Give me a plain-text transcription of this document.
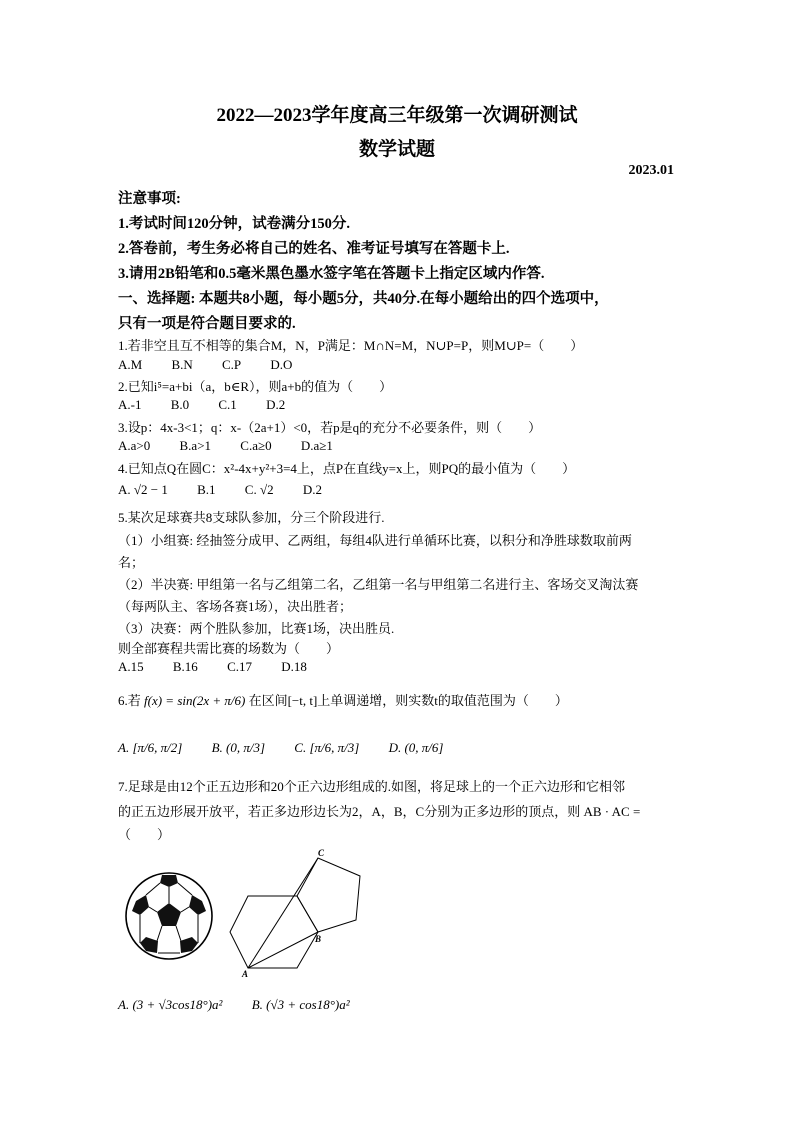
2022—2023学年度高三年级第一次调研测试
数学试题
2023.01
注意事项:
1.考试时间120分钟，试卷满分150分.
2.答卷前，考生务必将自己的姓名、准考证号填写在答题卡上.
3.请用2B铅笔和0.5毫米黑色墨水签字笔在答题卡上指定区域内作答.
一、选择题: 本题共8小题，每小题5分，共40分.在每小题给出的四个选项中，
只有一项是符合题目要求的.
1.若非空且互不相等的集合M，N，P满足：M∩N=M，N∪P=P，则M∪P=（　　）
A.M B.N C.P D.O
2.已知i⁵=a+bi（a，b∈R），则a+b的值为（　　）
A.-1 B.0 C.1 D.2
3.设p：4x-3<1；q：x-（2a+1）<0，若p是q的充分不必要条件，则（　　）
A.a>0 B.a>1 C.a≥0 D.a≥1
4.已知点Q在圆C：x²-4x+y²+3=4上，点P在直线y=x上，则PQ的最小值为（　　）
A. √2 − 1 B.1 C. √2 D.2
5.某次足球赛共8支球队参加，分三个阶段进行.
（1）小组赛: 经抽签分成甲、乙两组，每组4队进行单循环比赛，以积分和净胜球数取前两
名；
（2）半决赛: 甲组第一名与乙组第二名，乙组第一名与甲组第二名进行主、客场交叉淘汰赛
（每两队主、客场各赛1场），决出胜者；
（3）决赛：两个胜队参加，比赛1场，决出胜员.
则全部赛程共需比赛的场数为（　　）
A.15 B.16 C.17 D.18
6.若 f(x) = sin(2x + π/6) 在区间[−t, t]上单调递增，则实数t的取值范围为（　　）
A. [π/6, π/2] B. (0, π/3] C. [π/6, π/3] D. (0, π/6]
7.足球是由12个正五边形和20个正六边形组成的.如图，将足球上的一个正六边形和它相邻
的正五边形展开放平，若正多边形边长为2，A，B，C分别为正多边形的顶点，则 AB · AC =
（　　）
A
B
C
A. (3 + √3cos18°)a² B. (√3 + cos18°)a²
